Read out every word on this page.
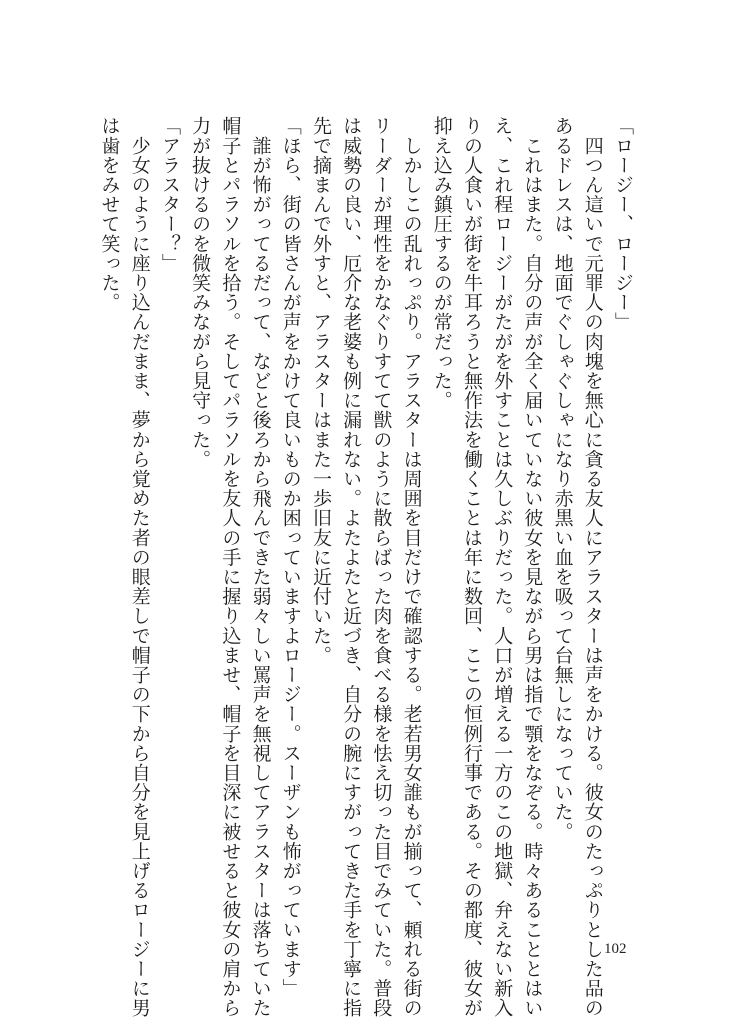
「ロージー、ロージー」
　四つん這いで元罪人の肉塊を無心に貪る友人にアラスターは声をかける。彼女のたっぷりとした品の
あるドレスは、地面でぐしゃぐしゃになり赤黒い血を吸って台無しになっていた。
　これはまた。自分の声が全く届いていない彼女を見ながら男は指で顎をなぞる。時々あることとはい
え、これ程ロージーがたがを外すことは久しぶりだった。人口が増える一方のこの地獄、弁えない新入
りの人食いが街を牛耳ろうと無作法を働くことは年に数回、ここの恒例行事である。その都度、彼女が
抑え込み鎮圧するのが常だった。
　しかしこの乱れっぷり。アラスターは周囲を目だけで確認する。老若男女誰もが揃って、頼れる街の
リーダーが理性をかなぐりすてて獣のように散らばった肉を食べる様を怯え切った目でみていた。普段
は威勢の良い、厄介な老婆も例に漏れない。よたよたと近づき、自分の腕にすがってきた手を丁寧に指
先で摘まんで外すと、アラスターはまた一歩旧友に近付いた。
「ほら、街の皆さんが声をかけて良いものか困っていますよロージー。スーザンも怖がっています」
　誰が怖がってるだって、などと後ろから飛んできた弱々しい罵声を無視してアラスターは落ちていた
帽子とパラソルを拾う。そしてパラソルを友人の手に握り込ませ、帽子を目深に被せると彼女の肩から
力が抜けるのを微笑みながら見守った。
「アラスター？」
　少女のように座り込んだまま、夢から覚めた者の眼差しで帽子の下から自分を見上げるロージーに男
は歯をみせて笑った。
102
